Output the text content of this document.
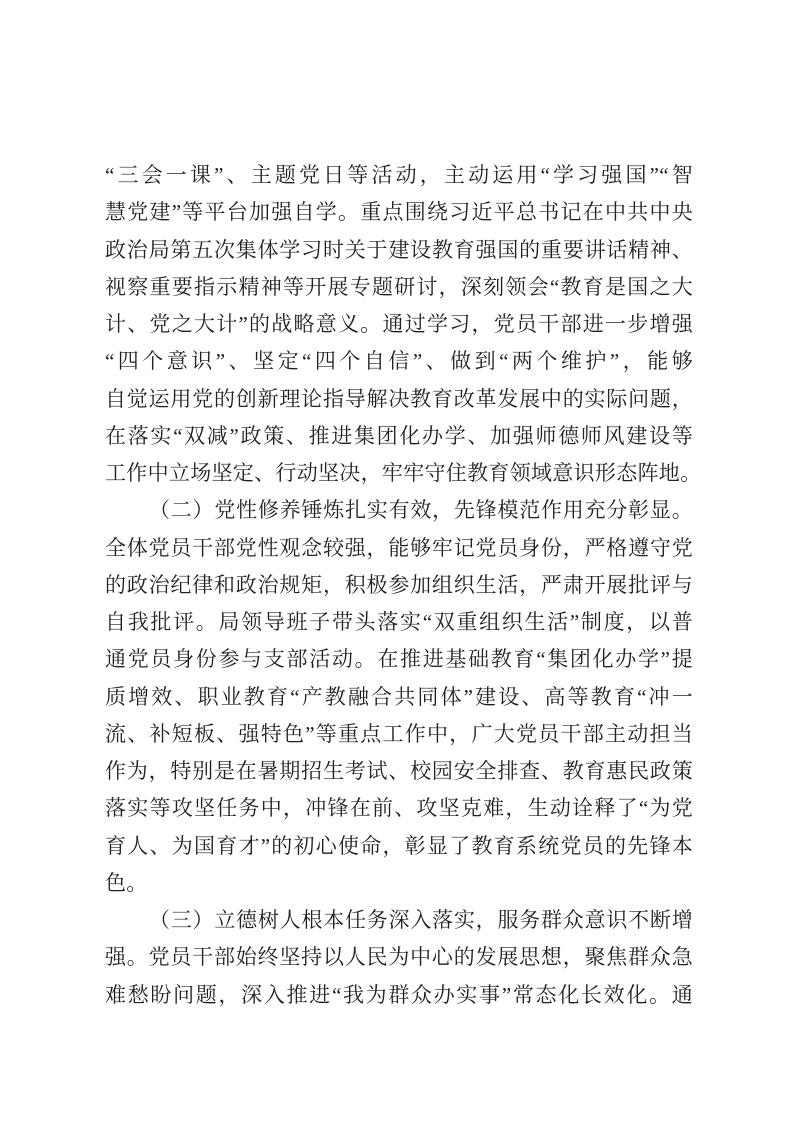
“三会一课”、主题党日等活动，主动运用“学习强国”“智
慧党建”等平台加强自学。重点围绕习近平总书记在中共中央
政治局第五次集体学习时关于建设教育强国的重要讲话精神、
视察重要指示精神等开展专题研讨，深刻领会“教育是国之大
计、党之大计”的战略意义。通过学习，党员干部进一步增强
“四个意识”、坚定“四个自信”、做到“两个维护”，能够
自觉运用党的创新理论指导解决教育改革发展中的实际问题，
在落实“双减”政策、推进集团化办学、加强师德师风建设等
工作中立场坚定、行动坚决，牢牢守住教育领域意识形态阵地。
（二）党性修养锤炼扎实有效，先锋模范作用充分彰显。
全体党员干部党性观念较强，能够牢记党员身份，严格遵守党
的政治纪律和政治规矩，积极参加组织生活，严肃开展批评与
自我批评。局领导班子带头落实“双重组织生活”制度，以普
通党员身份参与支部活动。在推进基础教育“集团化办学”提
质增效、职业教育“产教融合共同体”建设、高等教育“冲一
流、补短板、强特色”等重点工作中，广大党员干部主动担当
作为，特别是在暑期招生考试、校园安全排查、教育惠民政策
落实等攻坚任务中，冲锋在前、攻坚克难，生动诠释了“为党
育人、为国育才”的初心使命，彰显了教育系统党员的先锋本
色。
（三）立德树人根本任务深入落实，服务群众意识不断增
强。党员干部始终坚持以人民为中心的发展思想，聚焦群众急
难愁盼问题，深入推进“我为群众办实事”常态化长效化。通
